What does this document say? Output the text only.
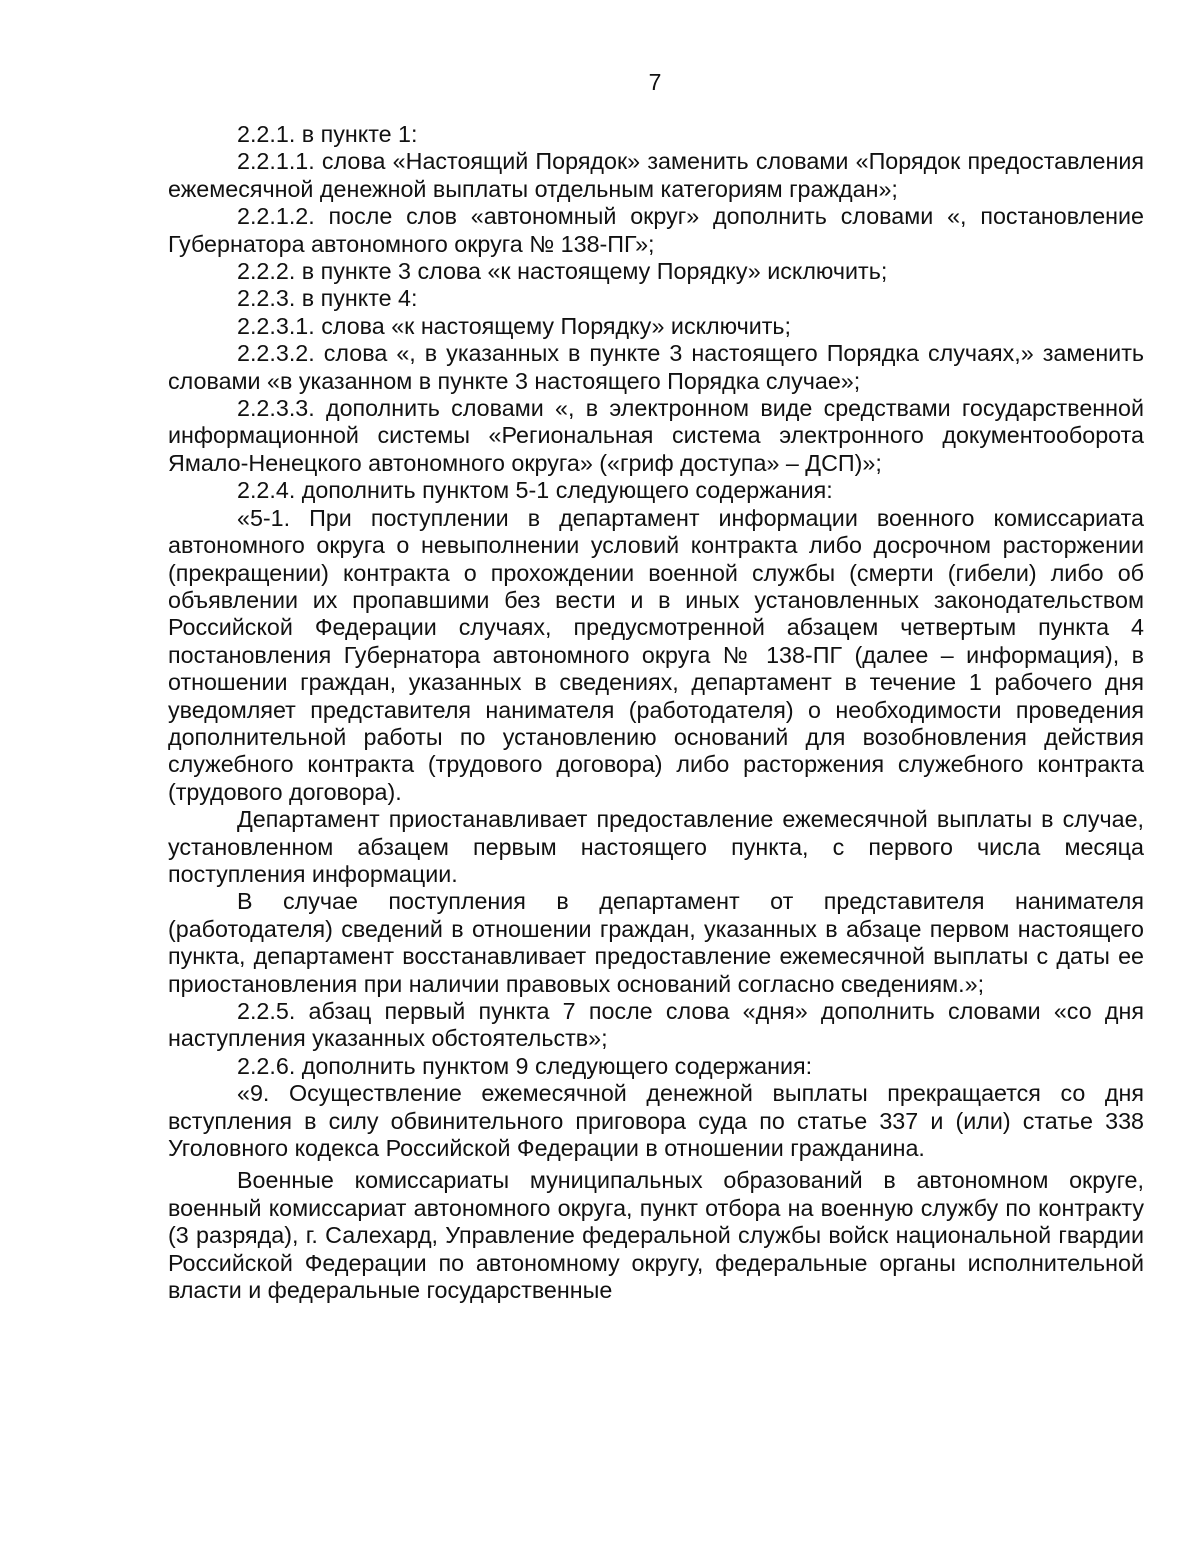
7

2.2.1. в пункте 1:

2.2.1.1. слова «Настоящий Порядок» заменить словами «Порядок предоставления ежемесячной денежной выплаты отдельным категориям граждан»;

2.2.1.2. после слов «автономный округ» дополнить словами «, постановление Губернатора автономного округа № 138-ПГ»;

2.2.2. в пункте 3 слова «к настоящему Порядку» исключить;

2.2.3. в пункте 4:

2.2.3.1. слова «к настоящему Порядку» исключить;

2.2.3.2. слова «, в указанных в пункте 3 настоящего Порядка случаях,» заменить словами «в указанном в пункте 3 настоящего Порядка случае»;

2.2.3.3. дополнить словами «, в электронном виде средствами государственной информационной системы «Региональная система электронного документооборота Ямало-Ненецкого автономного округа» («гриф доступа» – ДСП)»;

2.2.4. дополнить пунктом 5-1 следующего содержания:

«5-1. При поступлении в департамент информации военного комиссариата автономного округа о невыполнении условий контракта либо досрочном расторжении (прекращении) контракта о прохождении военной службы (смерти (гибели) либо об объявлении их пропавшими без вести и в иных установленных законодательством Российской Федерации случаях, предусмотренной абзацем четвертым пункта 4 постановления Губернатора автономного округа № 138-ПГ (далее – информация), в отношении граждан, указанных в сведениях, департамент в течение 1 рабочего дня уведомляет представителя нанимателя (работодателя) о необходимости проведения дополнительной работы по установлению оснований для возобновления действия служебного контракта (трудового договора) либо расторжения служебного контракта (трудового договора).

Департамент приостанавливает предоставление ежемесячной выплаты в случае, установленном абзацем первым настоящего пункта, с первого числа месяца поступления информации.

В случае поступления в департамент от представителя нанимателя (работодателя) сведений в отношении граждан, указанных в абзаце первом настоящего пункта, департамент восстанавливает предоставление ежемесячной выплаты с даты ее приостановления при наличии правовых оснований согласно сведениям.»;

2.2.5. абзац первый пункта 7 после слова «дня» дополнить словами «со дня наступления указанных обстоятельств»;

2.2.6. дополнить пунктом 9 следующего содержания:

«9. Осуществление ежемесячной денежной выплаты прекращается со дня вступления в силу обвинительного приговора суда по статье 337 и (или) статье 338 Уголовного кодекса Российской Федерации в отношении гражданина.

Военные комиссариаты муниципальных образований в автономном округе, военный комиссариат автономного округа, пункт отбора на военную службу по контракту (3 разряда), г. Салехард, Управление федеральной службы войск национальной гвардии Российской Федерации по автономному округу, федеральные органы исполнительной власти и федеральные государственные
